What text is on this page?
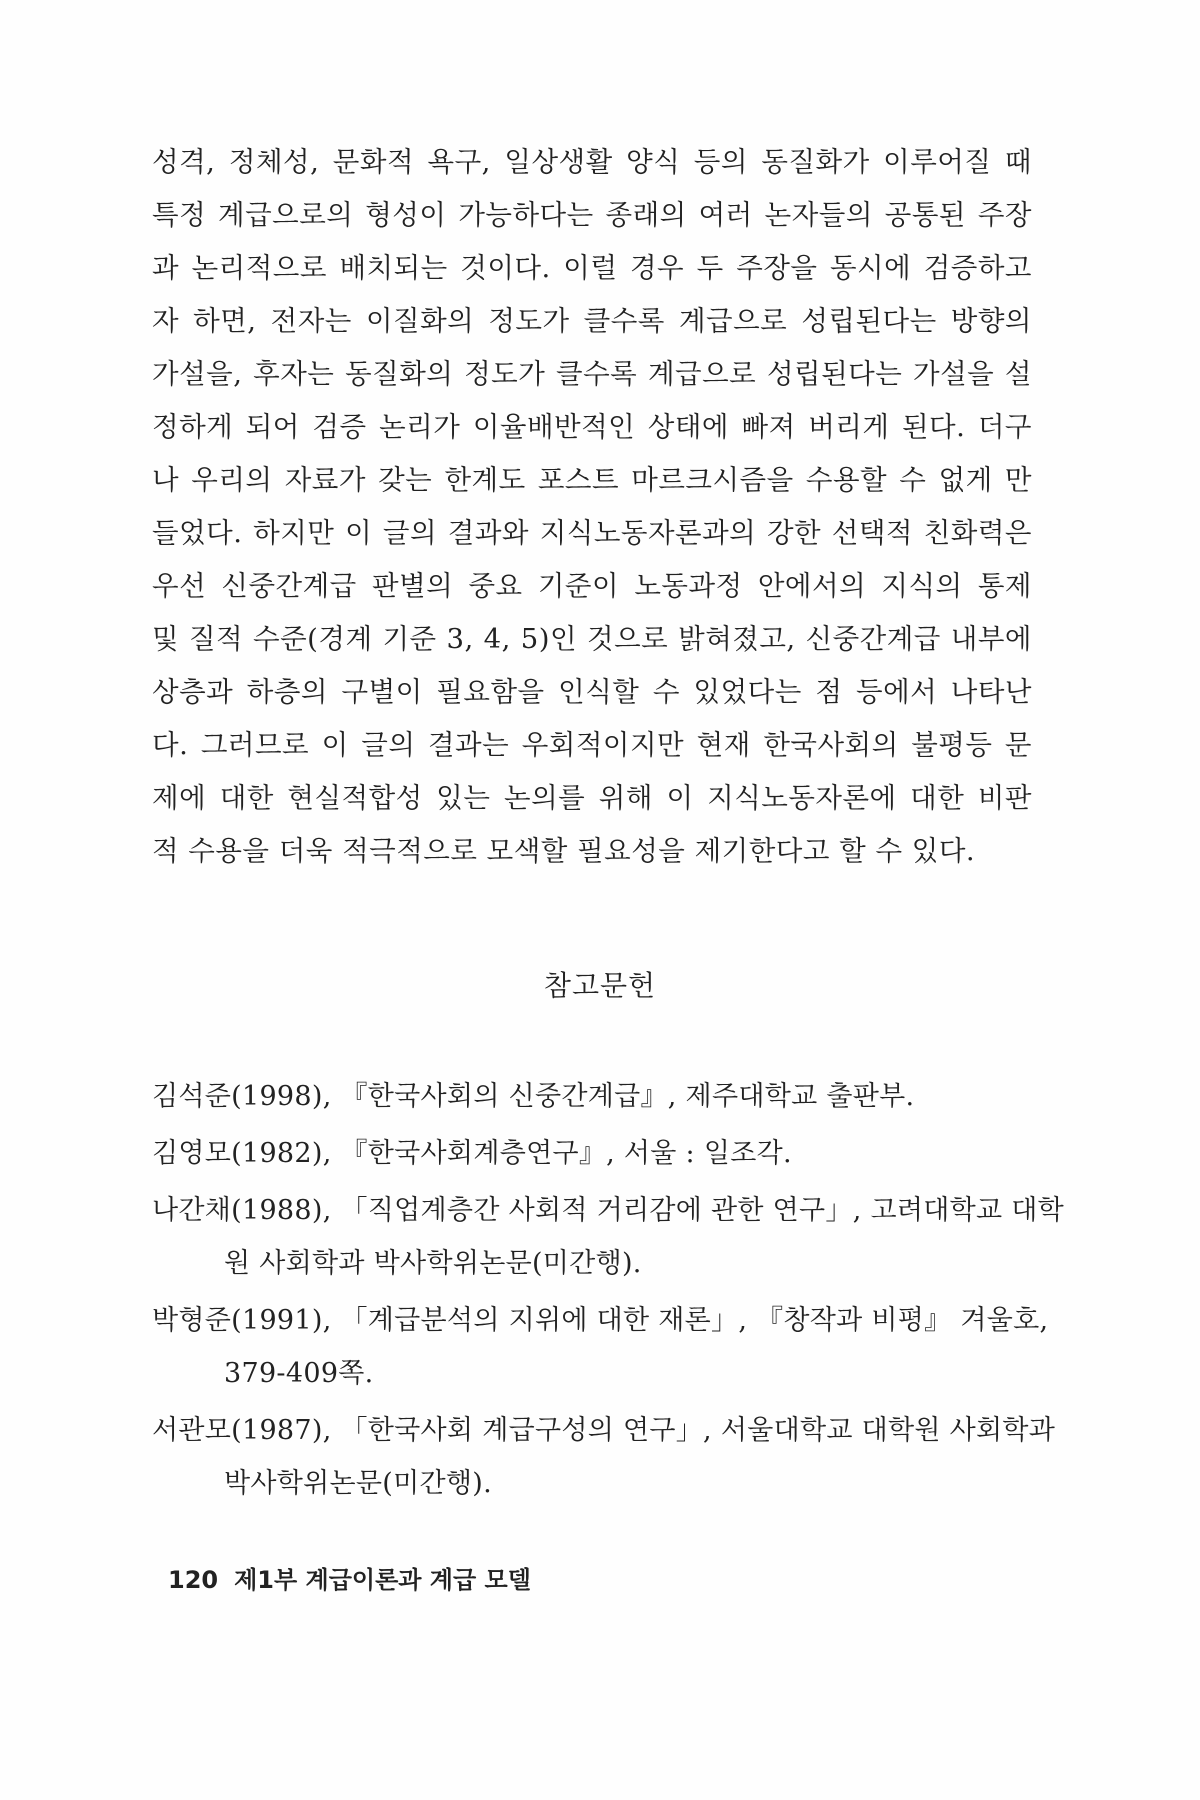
성격, 정체성, 문화적 욕구, 일상생활 양식 등의 동질화가 이루어질 때
특정 계급으로의 형성이 가능하다는 종래의 여러 논자들의 공통된 주장
과 논리적으로 배치되는 것이다. 이럴 경우 두 주장을 동시에 검증하고
자 하면, 전자는 이질화의 정도가 클수록 계급으로 성립된다는 방향의
가설을, 후자는 동질화의 정도가 클수록 계급으로 성립된다는 가설을 설
정하게 되어 검증 논리가 이율배반적인 상태에 빠져 버리게 된다. 더구
나 우리의 자료가 갖는 한계도 포스트 마르크시즘을 수용할 수 없게 만
들었다. 하지만 이 글의 결과와 지식노동자론과의 강한 선택적 친화력은
우선 신중간계급 판별의 중요 기준이 노동과정 안에서의 지식의 통제
및 질적 수준(경계 기준 3, 4, 5)인 것으로 밝혀졌고, 신중간계급 내부에
상층과 하층의 구별이 필요함을 인식할 수 있었다는 점 등에서 나타난
다. 그러므로 이 글의 결과는 우회적이지만 현재 한국사회의 불평등 문
제에 대한 현실적합성 있는 논의를 위해 이 지식노동자론에 대한 비판
적 수용을 더욱 적극적으로 모색할 필요성을 제기한다고 할 수 있다.
참고문헌
김석준(1998), 『한국사회의 신중간계급』, 제주대학교 출판부.
김영모(1982), 『한국사회계층연구』, 서울 : 일조각.
나간채(1988), 「직업계층간 사회적 거리감에 관한 연구」, 고려대학교 대학
원 사회학과 박사학위논문(미간행).
박형준(1991), 「계급분석의 지위에 대한 재론」, 『창작과 비평』 겨울호,
379-409쪽.
서관모(1987), 「한국사회 계급구성의 연구」, 서울대학교 대학원 사회학과
박사학위논문(미간행).
120 제1부 계급이론과 계급 모델
